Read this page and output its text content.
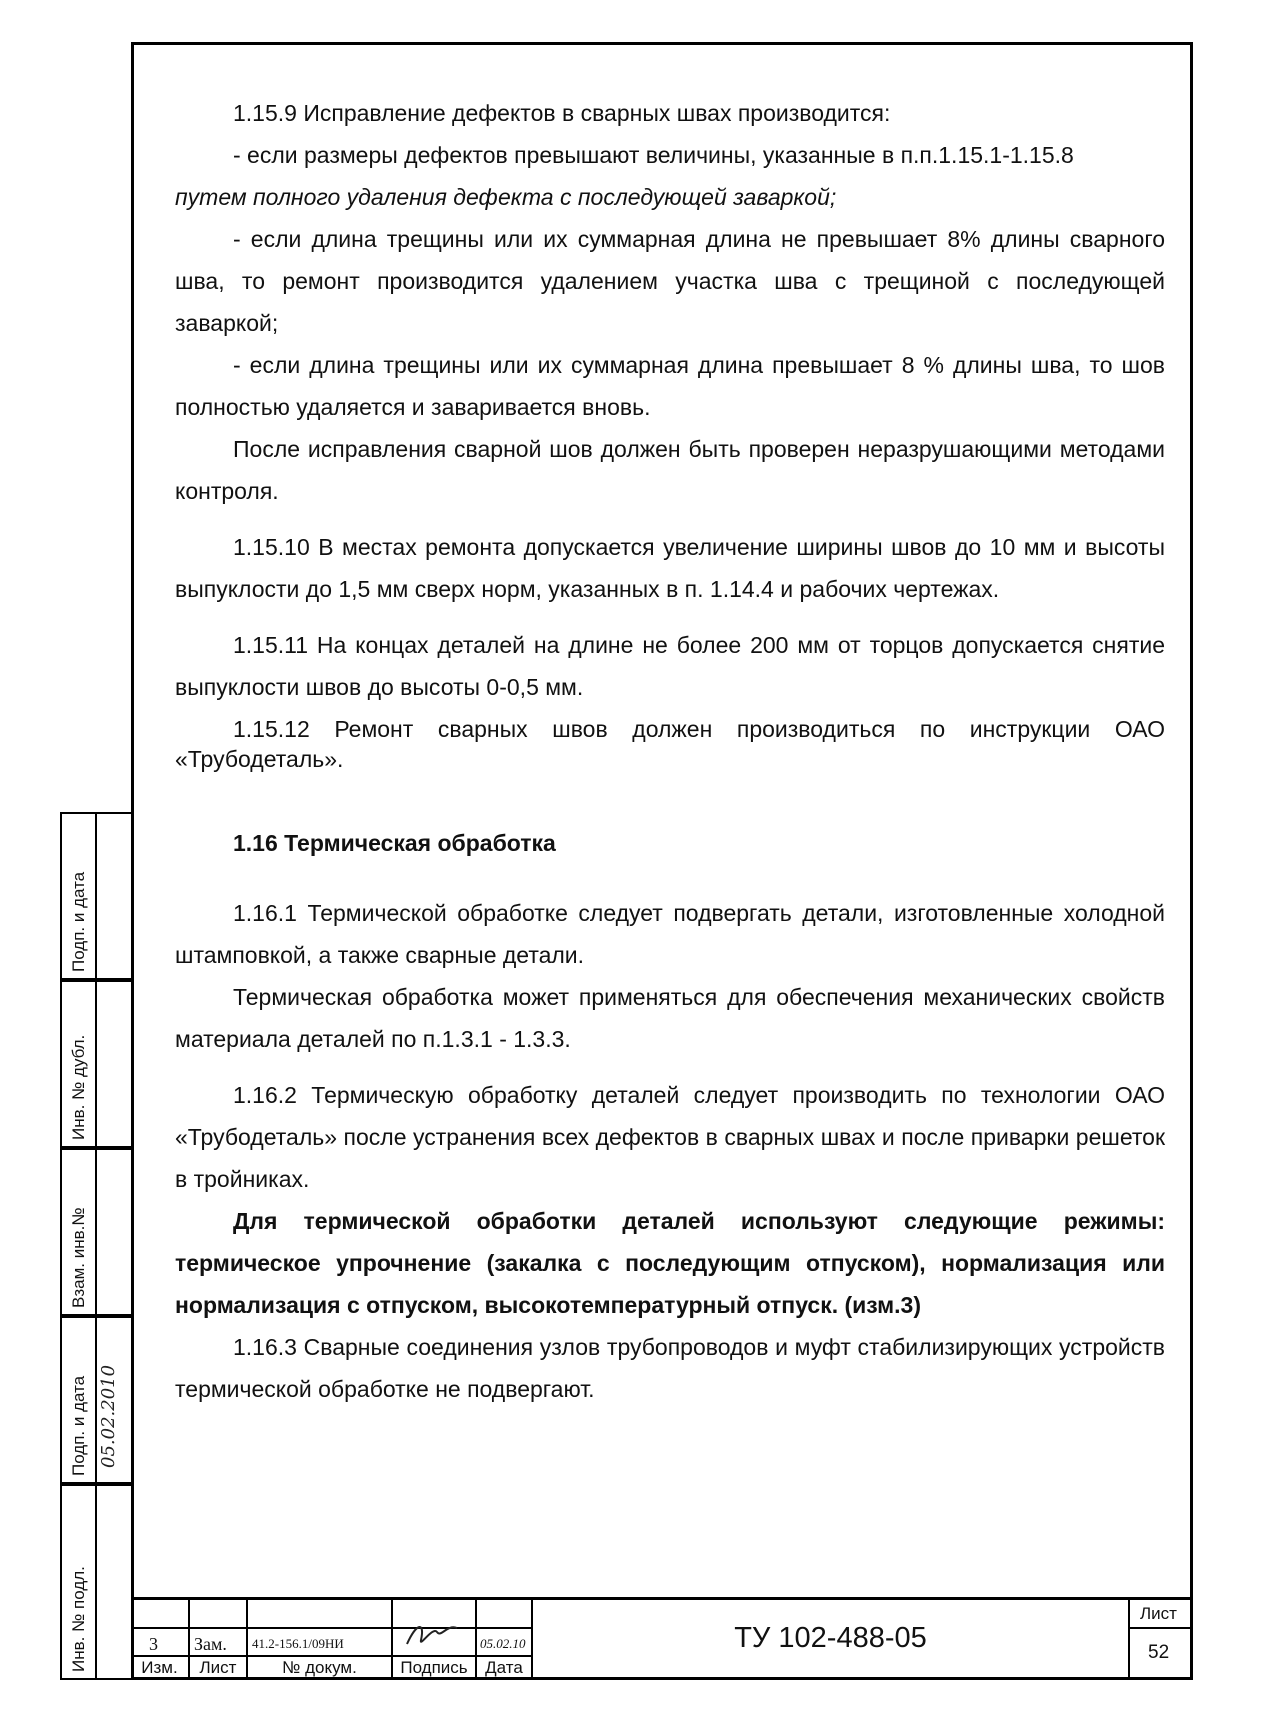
1.15.9 Исправление дефектов в сварных швах производится:

- если размеры дефектов превышают величины, указанные в п.п.1.15.1-1.15.8

путем полного удаления дефекта с последующей заваркой;

- если длина трещины или их суммарная длина не превышает 8% длины сварного шва, то ремонт производится удалением участка шва с трещиной с последующей заваркой;

- если длина трещины или их суммарная длина превышает 8 % длины шва, то шов полностью удаляется и заваривается вновь.

После исправления сварной шов должен быть проверен неразрушающими методами контроля.

1.15.10 В местах ремонта допускается увеличение ширины швов до 10 мм и высоты выпуклости до 1,5 мм сверх норм, указанных в п. 1.14.4 и рабочих чертежах.

1.15.11 На концах деталей на длине не более 200 мм от торцов допускается снятие выпуклости швов до высоты 0-0,5 мм.

1.15.12 Ремонт сварных швов должен производиться по инструкции ОАО «Трубодеталь».

1.16 Термическая обработка

1.16.1 Термической обработке следует подвергать детали, изготовленные холодной штамповкой, а также сварные детали.

Термическая обработка может применяться для обеспечения механических свойств материала деталей по п.1.3.1 - 1.3.3.

1.16.2 Термическую обработку деталей следует производить по технологии ОАО «Трубодеталь» после устранения всех дефектов в сварных швах и после приварки решеток в тройниках.

Для термической обработки деталей используют следующие режимы: термическое упрочнение (закалка с последующим отпуском), нормализация или нормализация с отпуском, высокотемпературный отпуск. (изм.3)

1.16.3 Сварные соединения узлов трубопроводов и муфт стабилизирующих устройств термической обработке не подвергают.

Подп. и дата
Инв. № дубл.
Взам. инв.№
Подп. и дата 05.02.2010
Инв. № подл.	3
Изм.
Зам.
Лист
41.2-156.1/09НИ
№ докум.	Подпись
05.02.10
Дата
ТУ 102-488-05
Лист
52
